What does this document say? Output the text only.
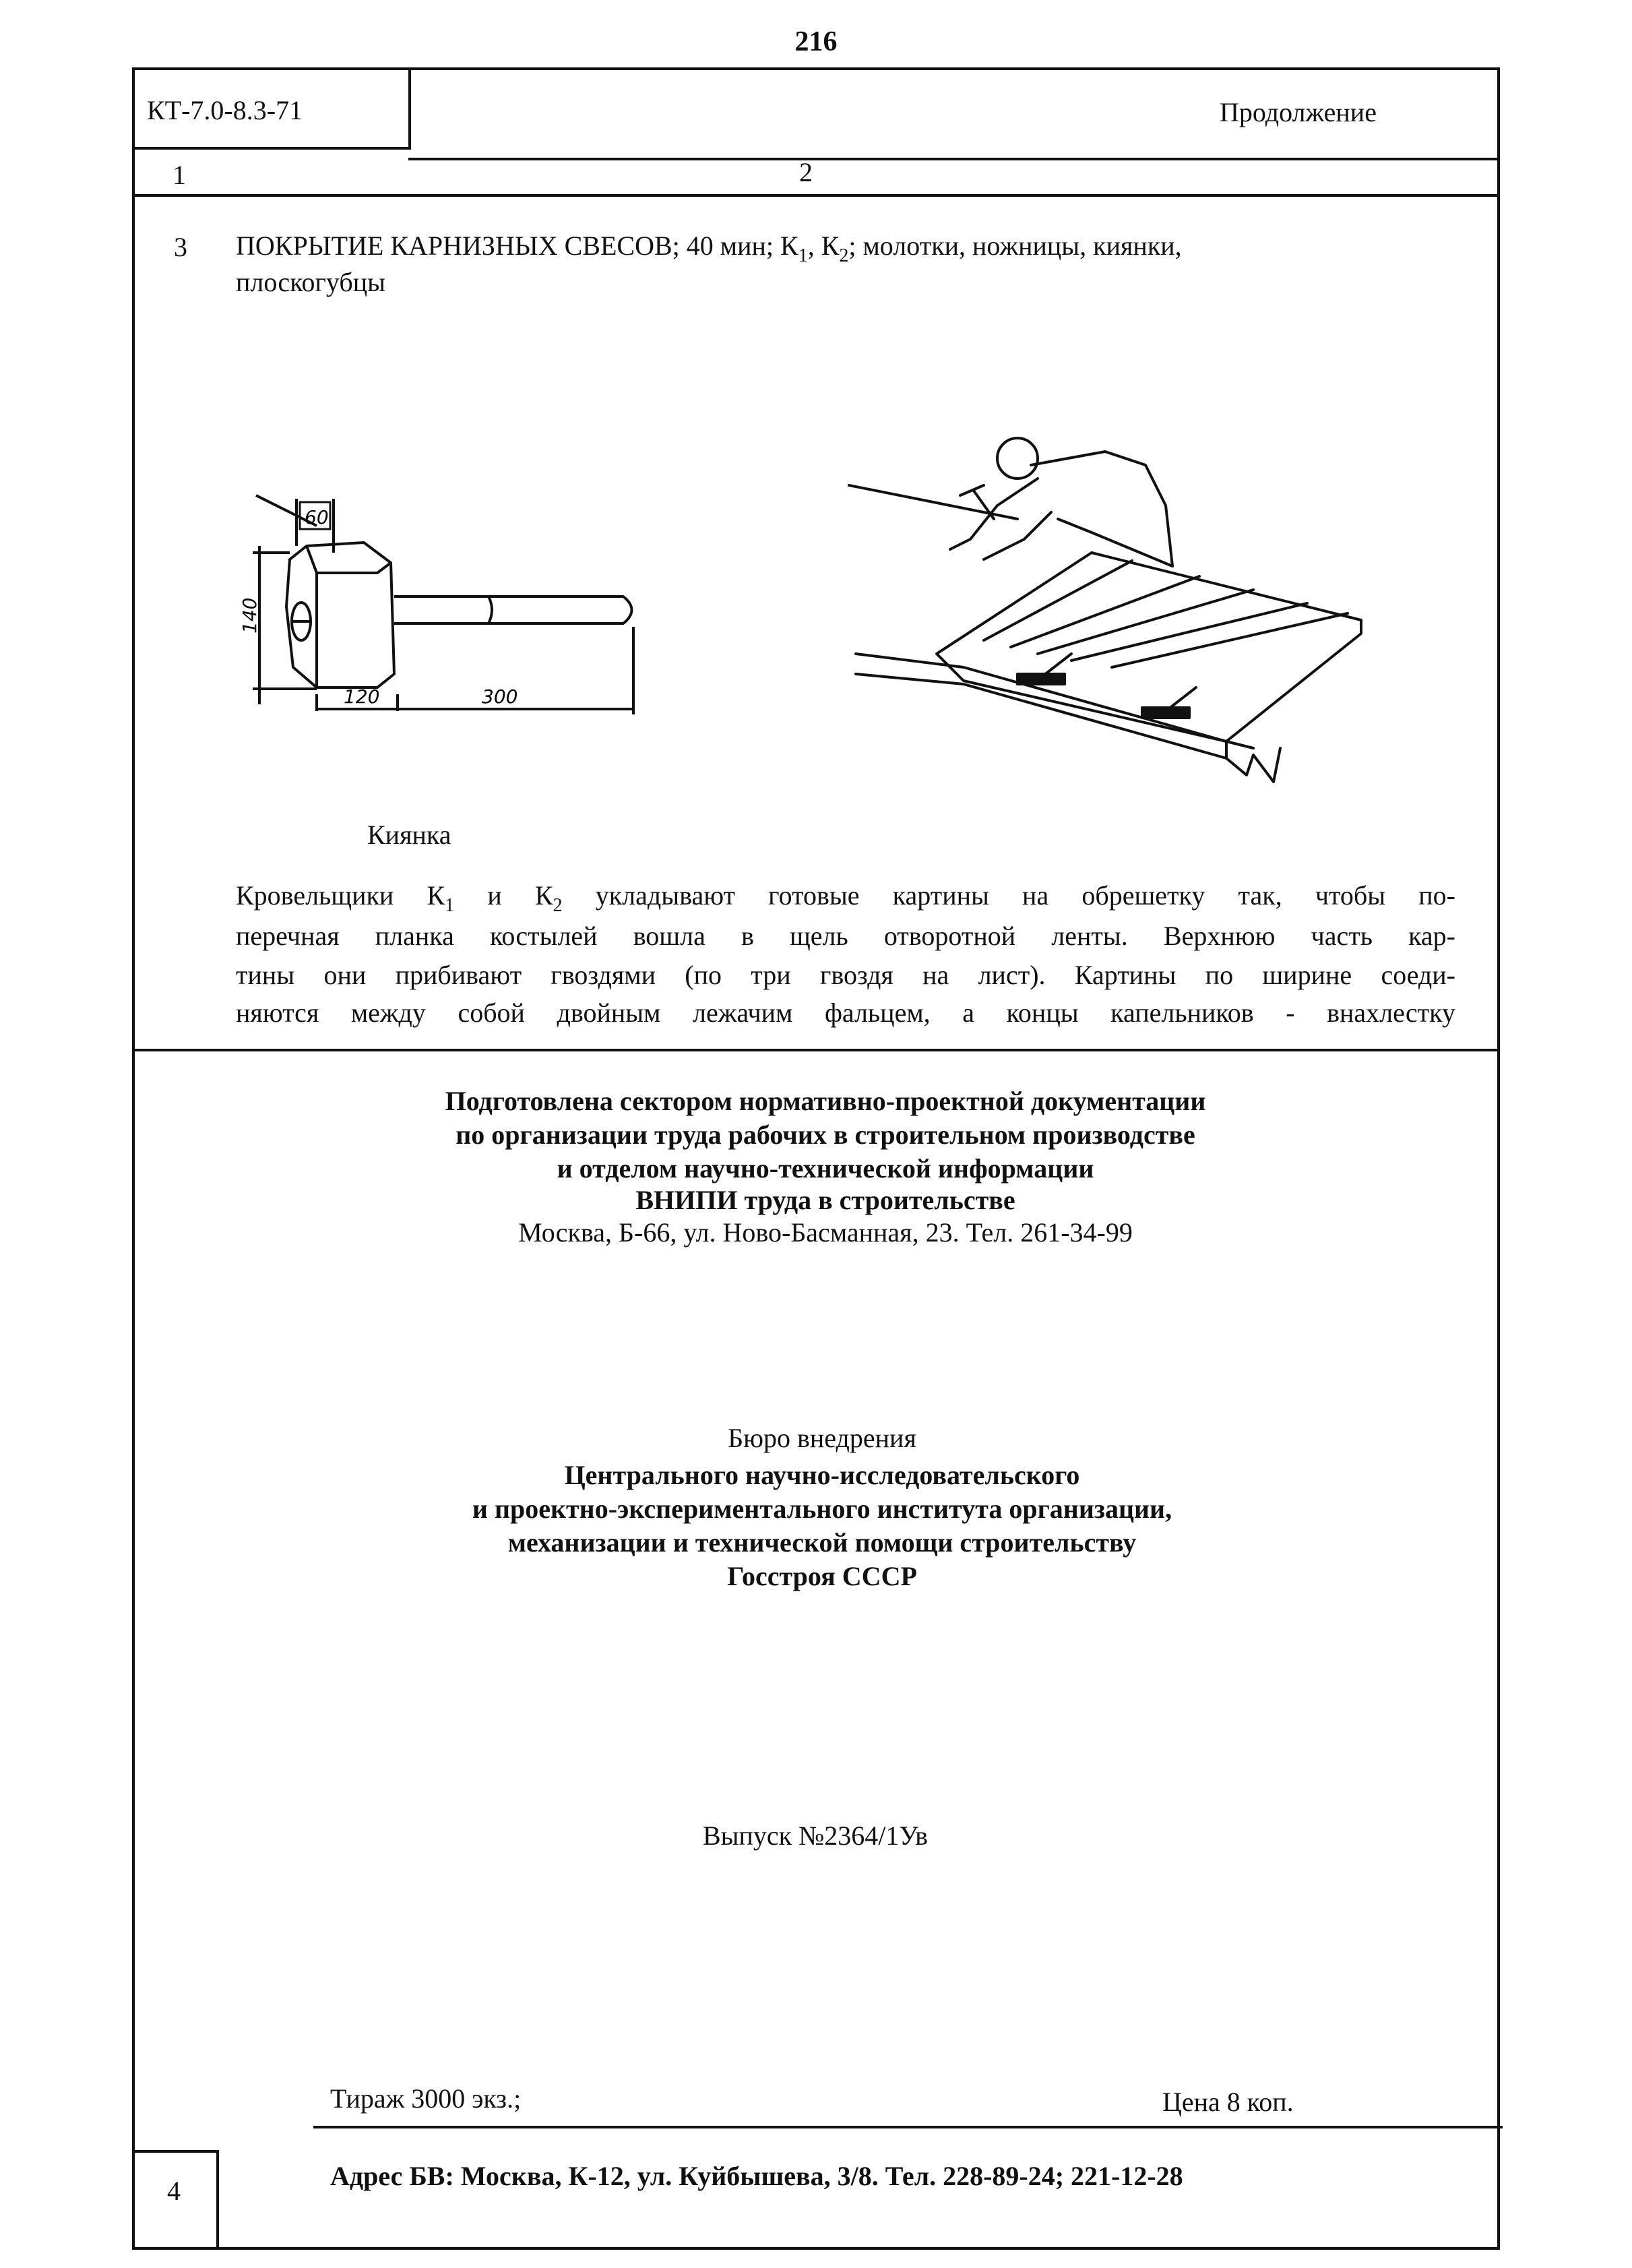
216
КТ-7.0-8.3-71	Продолжение
1	2
3 ПОКРЫТИЕ КАРНИЗНЫХ СВЕСОВ; 40 мин; $К_1$, $К_2$; молотки, ножницы, киянки,
плоскогубцы
60
140
120	300
Киянка
Кровельщики $К_1$ и $К_2$ укладывают готовые картины на обрешетку так, чтобы по-
перечная планка костылей вошла в щель отворотной ленты. Верхнюю часть кар-
тины они прибивают гвоздями (по три гвоздя на лист). Картины по ширине соеди-
няются между собой двойным лежачим фальцем, а концы капельников - внахлестку
Подготовлена сектором нормативно-проектной документации
по организации труда рабочих в строительном производстве
и отделом научно-технической информации
ВНИПИ труда в строительстве
Москва, Б-66, ул. Ново-Басманная, 23. Тел. 261-34-99
Бюро внедрения
Центрального научно-исследовательского
и проектно-экспериментального института организации,
механизации и технической помощи строительству
Госстроя СССР
Выпуск №2364/1Ув
Тираж 3000 экз.;	Цена 8 коп.
Адрес БВ: Москва, К-12, ул. Куйбышева, 3/8. Тел. 228-89-24; 221-12-28
4
